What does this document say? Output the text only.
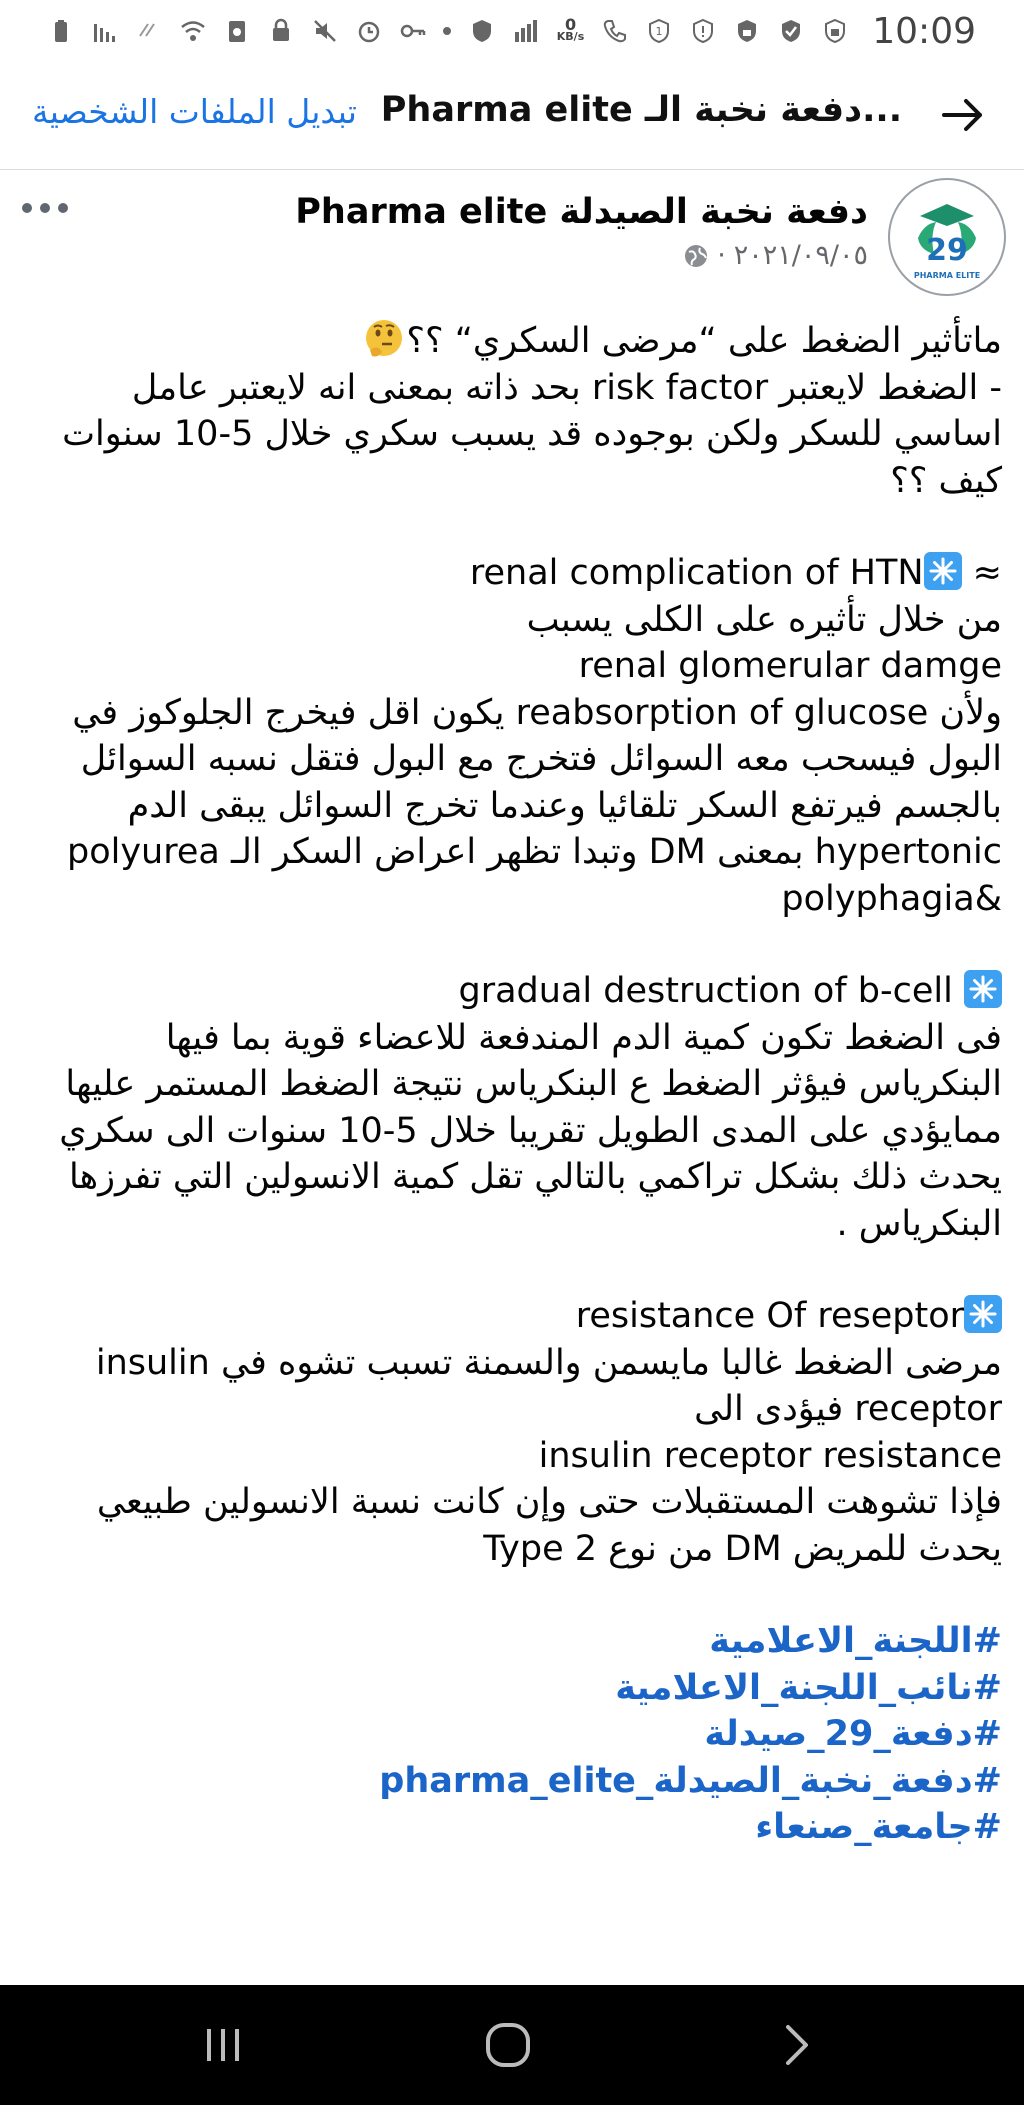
0
KB/s	1	10:09
تبديل الملفات الشخصية ...دفعة نخبة الـ Pharma elite
29
PHARMA ELITE
دفعة نخبة الصيدلة Pharma elite
٢٠٢١/٠٩/٠٥
·

ماتأثير الضغط على “مرضى السكري“ ؟؟

- الضغط لايعتبر risk factor بحد ذاته بمعنى انه لايعتبر عامل

اساسي للسكر ولكن بوجوده قد يسبب سكري خلال 5-10 سنوات

كيف ؟؟

≈ renal complication of HTN

من خلال تأثيره على الكلى يسبب

renal glomerular damge

ولأن reabsorption of glucose يكون اقل فيخرج الجلوكوز في

البول فيسحب معه السوائل فتخرج مع البول فتقل نسبه السوائل

بالجسم فيرتفع السكر تلقائيا وعندما تخرج السوائل يبقى الدم

hypertonic بمعنى DM وتبدا تظهر اعراض السكر الـ polyurea

&polyphagia

gradual destruction of b-cell

فى الضغط تكون كمية الدم المندفعة للاعضاء قوية بما فيها

البنكرياس فيؤثر الضغط ع البنكرياس نتيجة الضغط المستمر عليها

ممايؤدي على المدى الطويل تقريبا خلال 5-10 سنوات الى سكري

يحدث ذلك بشكل تراكمي بالتالي تقل كمية الانسولين التي تفرزها

البنكرياس .

resistance Of reseptor

مرضى الضغط غالبا مايسمن والسمنة تسبب تشوه في insulin

receptor فيؤدى الى

insulin receptor resistance

فإذا تشوهت المستقبلات حتى وإن كانت نسبة الانسولين طبيعي

يحدث للمريض DM من نوع Type 2

#اللجنة_الاعلامية

#نائب_اللجنة_الاعلامية

#دفعة_29_صيدلة

#دفعة_نخبة_الصيدلة_pharma_elite

#جامعة_صنعاء
